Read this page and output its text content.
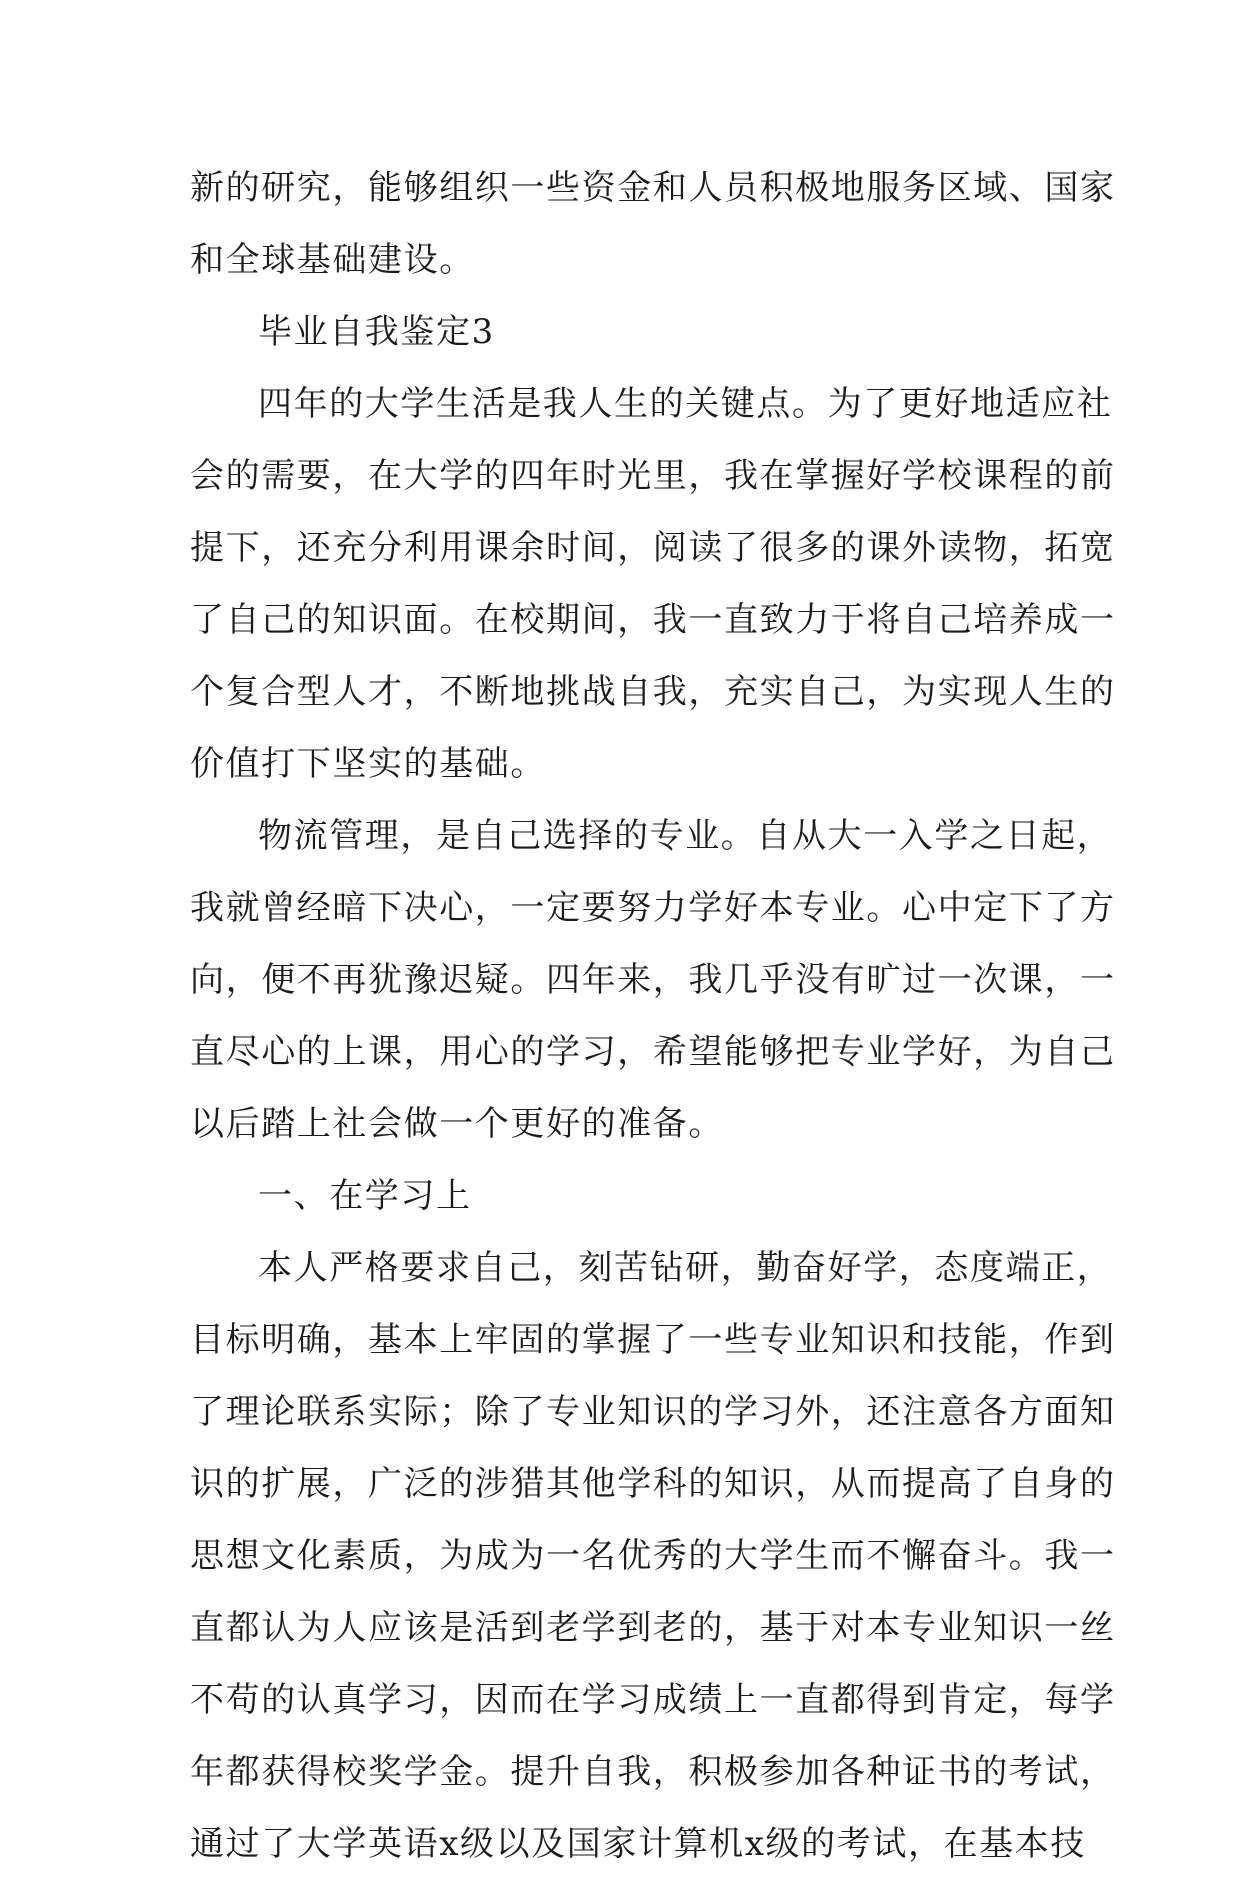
新的研究，能够组织一些资金和人员积极地服务区域、国家
和全球基础建设。
毕业自我鉴定3
四年的大学生活是我人生的关键点。为了更好地适应社
会的需要，在大学的四年时光里，我在掌握好学校课程的前
提下，还充分利用课余时间，阅读了很多的课外读物，拓宽
了自己的知识面。在校期间，我一直致力于将自己培养成一
个复合型人才，不断地挑战自我，充实自己，为实现人生的
价值打下坚实的基础。
物流管理，是自己选择的专业。自从大一入学之日起，
我就曾经暗下决心，一定要努力学好本专业。心中定下了方
向，便不再犹豫迟疑。四年来，我几乎没有旷过一次课，一
直尽心的上课，用心的学习，希望能够把专业学好，为自己
以后踏上社会做一个更好的准备。
一、在学习上
本人严格要求自己，刻苦钻研，勤奋好学，态度端正，
目标明确，基本上牢固的掌握了一些专业知识和技能，作到
了理论联系实际；除了专业知识的学习外，还注意各方面知
识的扩展，广泛的涉猎其他学科的知识，从而提高了自身的
思想文化素质，为成为一名优秀的大学生而不懈奋斗。我一
直都认为人应该是活到老学到老的，基于对本专业知识一丝
不苟的认真学习，因而在学习成绩上一直都得到肯定，每学
年都获得校奖学金。提升自我，积极参加各种证书的考试，
通过了大学英语x级以及国家计算机x级的考试，在基本技
